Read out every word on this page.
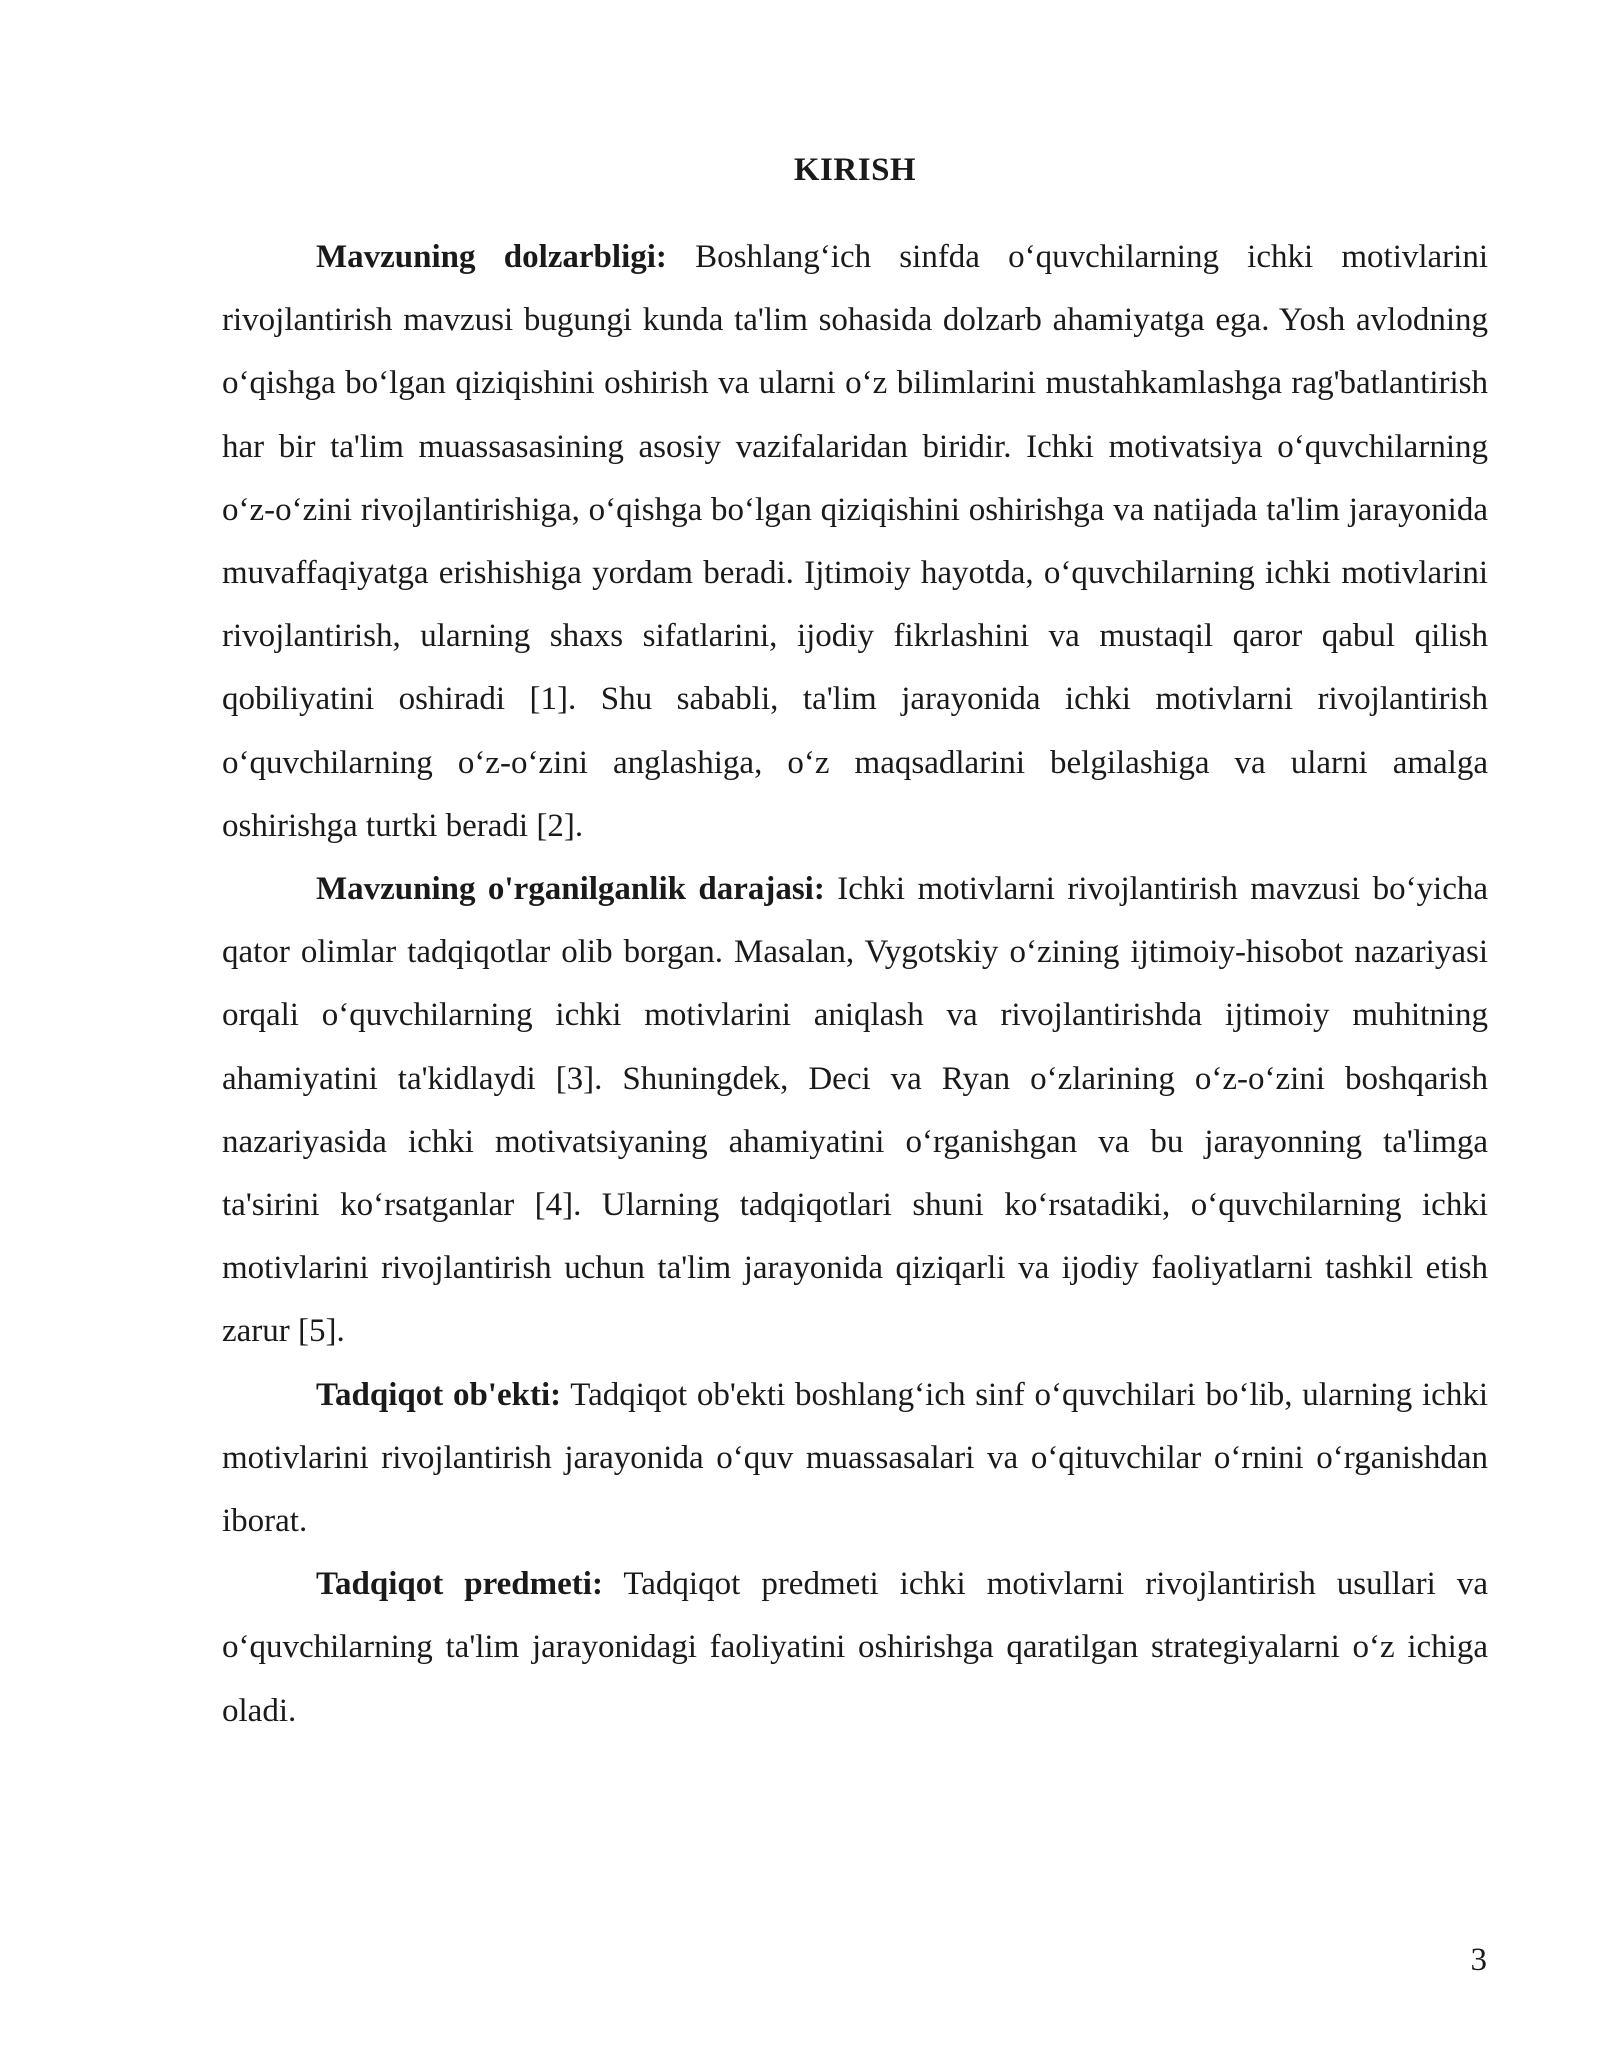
KIRISH

Mavzuning dolzarbligi: Boshlang‘ich sinfda o‘quvchilarning ichki motivlarini rivojlantirish mavzusi bugungi kunda ta'lim sohasida dolzarb ahamiyatga ega. Yosh avlodning o‘qishga bo‘lgan qiziqishini oshirish va ularni o‘z bilimlarini mustahkamlashga rag'batlantirish har bir ta'lim muassasasining asosiy vazifalaridan biridir. Ichki motivatsiya o‘quvchilarning o‘z-o‘zini rivojlantirishiga, o‘qishga bo‘lgan qiziqishini oshirishga va natijada ta'lim jarayonida muvaffaqiyatga erishishiga yordam beradi. Ijtimoiy hayotda, o‘quvchilarning ichki motivlarini rivojlantirish, ularning shaxs sifatlarini, ijodiy fikrlashini va mustaqil qaror qabul qilish qobiliyatini oshiradi [1]. Shu sababli, ta'lim jarayonida ichki motivlarni rivojlantirish o‘quvchilarning o‘z-o‘zini anglashiga, o‘z maqsadlarini belgilashiga va ularni amalga oshirishga turtki beradi [2].

Mavzuning o'rganilganlik darajasi: Ichki motivlarni rivojlantirish mavzusi bo‘yicha qator olimlar tadqiqotlar olib borgan. Masalan, Vygotskiy o‘zining ijtimoiy-hisobot nazariyasi orqali o‘quvchilarning ichki motivlarini aniqlash va rivojlantirishda ijtimoiy muhitning ahamiyatini ta'kidlaydi [3]. Shuningdek, Deci va Ryan o‘zlarining o‘z-o‘zini boshqarish nazariyasida ichki motivatsiyaning ahamiyatini o‘rganishgan va bu jarayonning ta'limga ta'sirini ko‘rsatganlar [4]. Ularning tadqiqotlari shuni ko‘rsatadiki, o‘quvchilarning ichki motivlarini rivojlantirish uchun ta'lim jarayonida qiziqarli va ijodiy faoliyatlarni tashkil etish zarur [5].

Tadqiqot ob'ekti: Tadqiqot ob'ekti boshlang‘ich sinf o‘quvchilari bo‘lib, ularning ichki motivlarini rivojlantirish jarayonida o‘quv muassasalari va o‘qituvchilar o‘rnini o‘rganishdan iborat.

Tadqiqot predmeti: Tadqiqot predmeti ichki motivlarni rivojlantirish usullari va o‘quvchilarning ta'lim jarayonidagi faoliyatini oshirishga qaratilgan strategiyalarni o‘z ichiga oladi.

3
